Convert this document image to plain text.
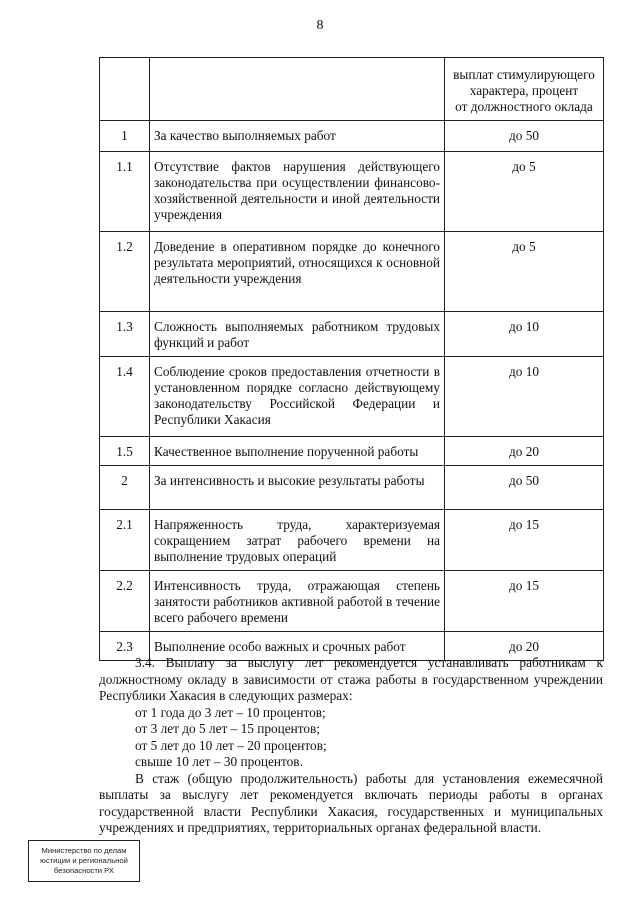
8

		выплат стимулирующего
характера, процент
от должностного оклада

1	За качество выполняемых работ	до 50
1.1	Отсутствие фактов нарушения действующего законодательства при осуществлении финансово-хозяйственной деятельности и иной деятельности учреждения	до 5
1.2	Доведение в оперативном порядке до конечного результата мероприятий, относящихся к основной деятельности учреждения	до 5
1.3	Сложность выполняемых работником трудовых функций и работ	до 10
1.4	Соблюдение сроков предоставления отчетности в установленном порядке согласно действующему законодательству Российской Федерации и Республики Хакасия	до 10
1.5	Качественное выполнение порученной работы	до 20
2	За интенсивность и высокие результаты работы	до 50
2.1	Напряженность труда, характеризуемая сокращением затрат рабочего времени на выполнение трудовых операций	до 15
2.2	Интенсивность труда, отражающая степень занятости работников активной работой в течение всего рабочего времени	до 15
2.3	Выполнение особо важных и срочных работ	до 20

3.4. Выплату за выслугу лет рекомендуется устанавливать работникам к должностному окладу в зависимости от стажа работы в государственном учреждении Республики Хакасия в следующих размерах:

от 1 года до 3 лет – 10 процентов;

от 3 лет до 5 лет – 15 процентов;

от 5 лет до 10 лет – 20 процентов;

свыше 10 лет – 30 процентов.

В стаж (общую продолжительность) работы для установления ежемесячной выплаты за выслугу лет рекомендуется включать периоды работы в органах государственной власти Республики Хакасия, государственных и муниципальных учреждениях и предприятиях, территориальных органах федеральной власти.

Министерство по делам
юстиции и региональной
безопасности РХ
